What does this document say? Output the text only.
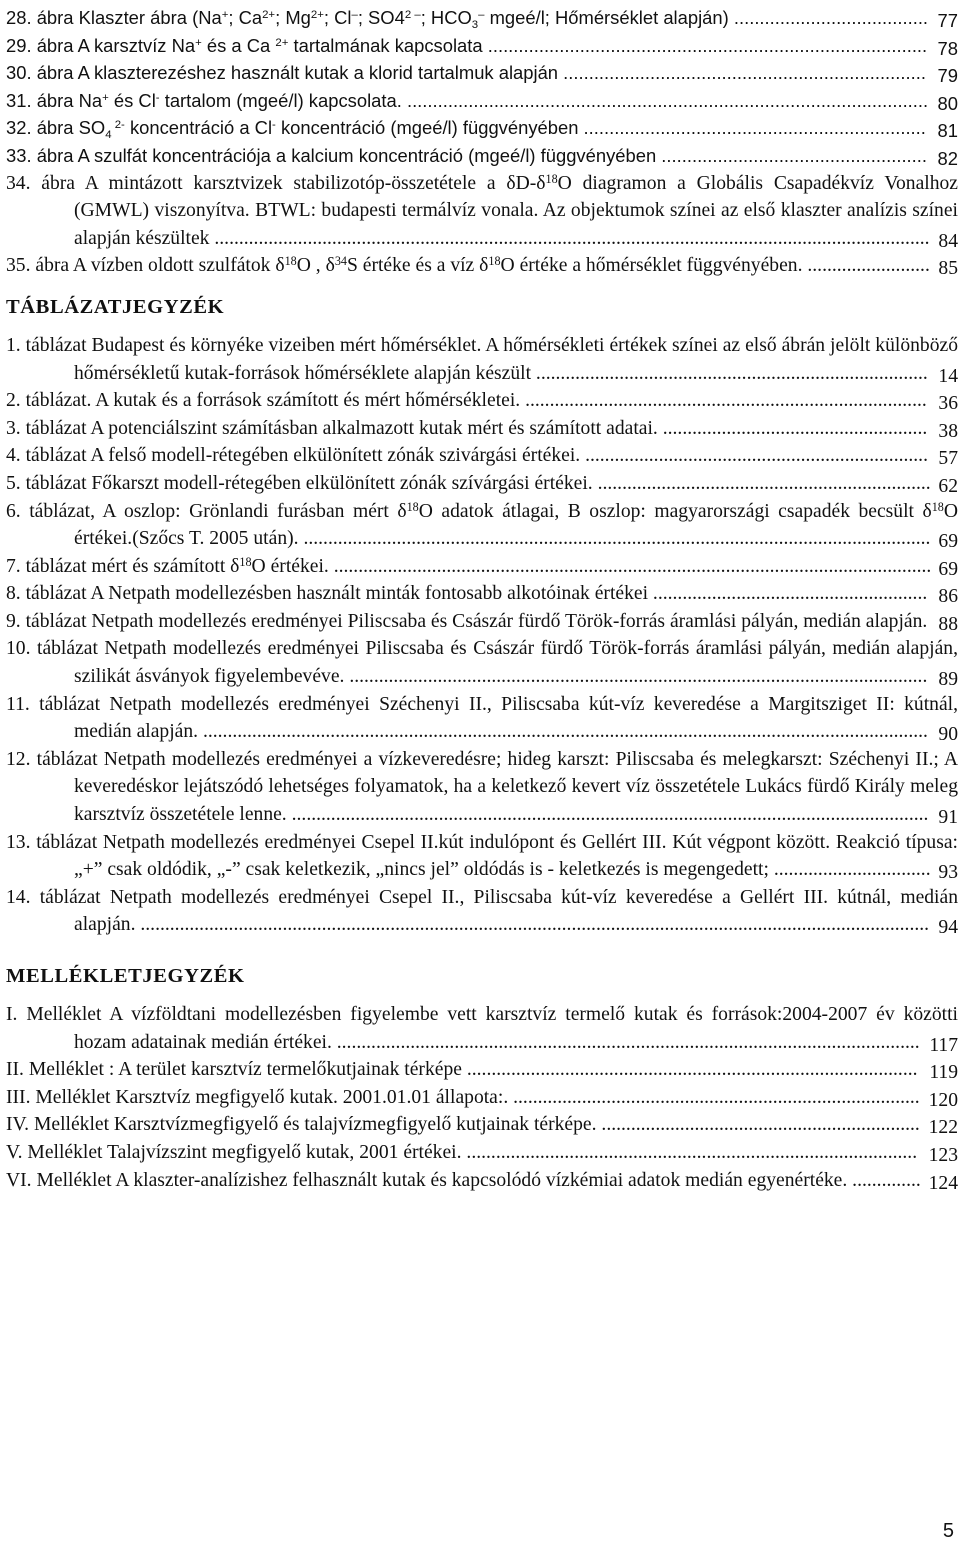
28. ábra Klaszter ábra (Na+; $Ca^{2+}$; $Mg^{2+}$; Cl–; $SO4^{2 -}$; $HCO_3^-$ mgeé/l; Hőmérséklet alapján) ...................................... 77
29. ábra A karsztvíz Na+ és a Ca $^{2+}$ tartalmának kapcsolata ...................................................................................... 78
30. ábra A klaszterezéshez használt kutak a klorid tartalmuk alapján ....................................................................... 79
31. ábra Na+ és Cl- tartalom (mgeé/l) kapcsolata. ...................................................................................................... 80
32. ábra $SO_4$ $^{2-}$ koncentráció a Cl- koncentráció (mgeé/l) függvényében ................................................................... 81
33. ábra A szulfát koncentrációja a kalcium koncentráció (mgeé/l) függvényében .................................................... 82
34. ábra A mintázott karsztvizek stabilizotóp-összetétele a $\delta D-\delta^{18}O$ diagramon a Globális Csapadékvíz Vonalhoz (GMWL) viszonyítva. BTWL: budapesti termálvíz vonala. Az objektumok színei az első klaszter analízis színei alapján készültek .................................................................................................................................................. 84
35. ábra A vízben oldott szulfátok $\delta^{18}O$ , $\delta^{34}S$ értéke és a víz $\delta^{18}O$ értéke a hőmérséklet függvényében. ......................... 85
TÁBLÁZATJEGYZÉK
1. táblázat Budapest és környéke vizeiben mért hőmérséklet. A hőmérsékleti értékek színei az első ábrán jelölt különböző hőmérsékletű kutak-források hőmérséklete alapján készült ................................................................................ 14
2. táblázat. A kutak és a források számított és mért hőmérsékletei. .................................................................................. 36
3. táblázat A potenciálszint számításban alkalmazott kutak mért és számított adatai. ...................................................... 38
4. táblázat A felső modell-rétegében elkülönített zónák szivárgási értékei. ...................................................................... 57
5. táblázat Főkarszt modell-rétegében elkülönített zónák szívárgási értékei. .................................................................... 62
6. táblázat, A oszlop: Grönlandi furásban mért $\delta^{18}O$ adatok átlagai, B oszlop: magyarországi csapadék becsült $\delta^{18}O$ értékei.(Szőcs T. 2005 után). ................................................................................................................................ 69
7. táblázat mért és számított $\delta^{18}O$ értékei. .......................................................................................................................... 69
8. táblázat A Netpath modellezésben használt minták fontosabb alkotóinak értékei ........................................................ 86
9. táblázat Netpath modellezés eredményei Piliscsaba és Császár fürdő Török-forrás áramlási pályán, medián alapján. 88
10. táblázat Netpath modellezés eredményei Piliscsaba és Császár fürdő Török-forrás áramlási pályán, medián alapján, szilikát ásványok figyelembevéve. ...................................................................................................................... 89
11. táblázat Netpath modellezés eredményei Széchenyi II., Piliscsaba kút-víz keveredése a Margitsziget II: kútnál, medián alapján. .................................................................................................................................................... 90
12. táblázat Netpath modellezés eredményei a vízkeveredésre; hideg karszt: Piliscsaba és melegkarszt: Széchenyi II.; A keveredéskor lejátszódó lehetséges folyamatok, ha a keletkező kevert víz összetétele Lukács fürdő Király meleg karsztvíz összetétele lenne. .................................................................................................................................. 91
13. táblázat Netpath modellezés eredményei Csepel II.kút indulópont és Gellért III. Kút végpont között. Reakció típusa: „+” csak oldódik, „-” csak keletkezik, „nincs jel” oldódás is - keletkezés is megengedett; ................................ 93
14. táblázat Netpath modellezés eredményei Csepel II., Piliscsaba kút-víz keveredése a Gellért III. kútnál, medián alapján. ................................................................................................................................................................. 94
MELLÉKLETJEGYZÉK
I. Melléklet A vízföldtani modellezésben figyelembe vett karsztvíz termelő kutak és források:2004-2007 év közötti hozam adatainak medián értékei. ....................................................................................................................... 117
II. Melléklet : A terület karsztvíz termelőkutjainak térképe ............................................................................................ 119
III. Melléklet Karsztvíz megfigyelő kutak. 2001.01.01 állapota:. ................................................................................... 120
IV. Melléklet Karsztvízmegfigyelő és talajvízmegfigyelő kutjainak térképe. ................................................................. 122
V. Melléklet Talajvízszint megfigyelő kutak, 2001 értékei. ............................................................................................ 123
VI. Melléklet A klaszter-analízishez felhasznált kutak és kapcsolódó vízkémiai adatok medián egyenértéke. .............. 124
5
